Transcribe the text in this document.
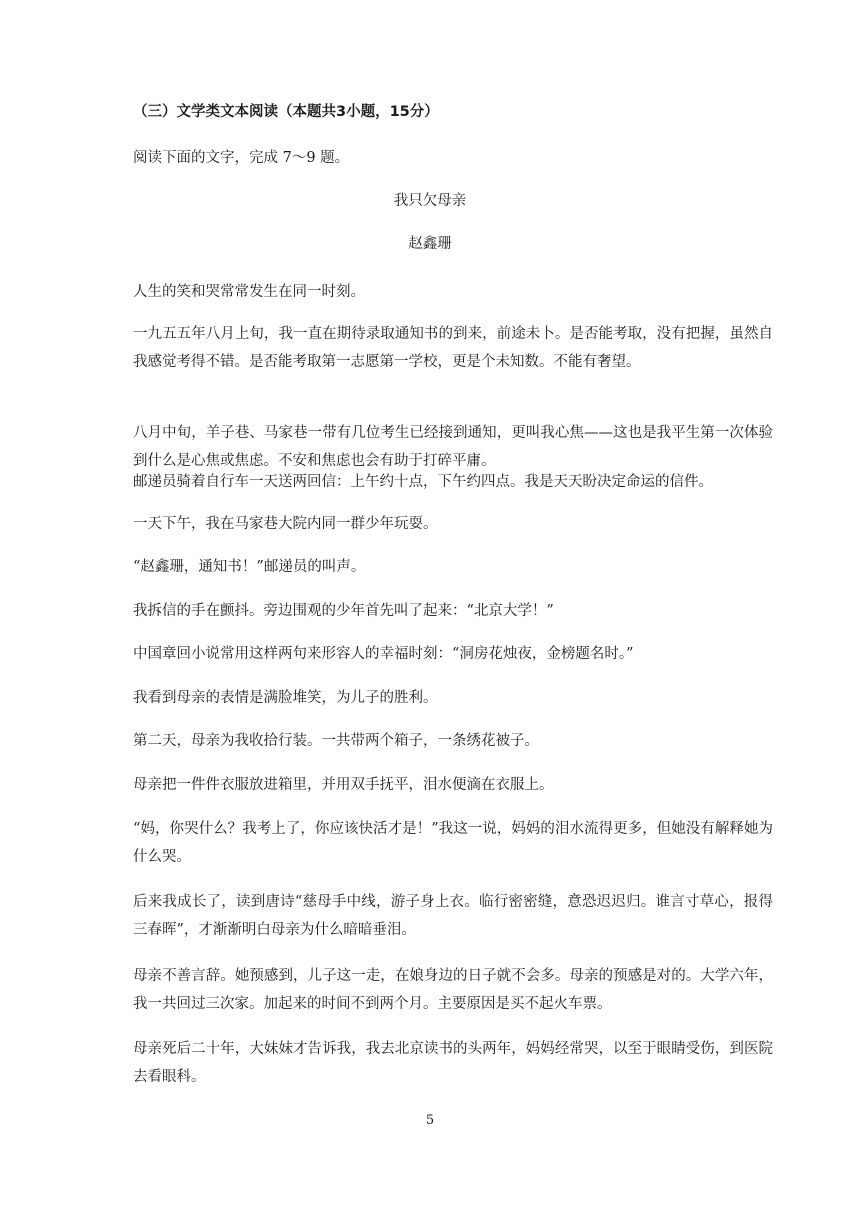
（三）文学类文本阅读（本题共3小题，15分）
阅读下面的文字，完成 7～9 题。
我只欠母亲
赵鑫珊
人生的笑和哭常常发生在同一时刻。
一九五五年八月上旬，我一直在期待录取通知书的到来，前途未卜。是否能考取，没有把握，虽然自我感觉考得不错。是否能考取第一志愿第一学校，更是个未知数。不能有奢望。
八月中旬，羊子巷、马家巷一带有几位考生已经接到通知，更叫我心焦——这也是我平生第一次体验到什么是心焦或焦虑。不安和焦虑也会有助于打碎平庸。
邮递员骑着自行车一天送两回信：上午约十点，下午约四点。我是天天盼决定命运的信件。
一天下午，我在马家巷大院内同一群少年玩耍。
“赵鑫珊，通知书！”邮递员的叫声。
我拆信的手在颤抖。旁边围观的少年首先叫了起来：“北京大学！”
中国章回小说常用这样两句来形容人的幸福时刻：“洞房花烛夜，金榜题名时。”
我看到母亲的表情是满脸堆笑，为儿子的胜利。
第二天，母亲为我收拾行装。一共带两个箱子，一条绣花被子。
母亲把一件件衣服放进箱里，并用双手抚平，泪水便滴在衣服上。
“妈，你哭什么？我考上了，你应该快活才是！”我这一说，妈妈的泪水流得更多，但她没有解释她为什么哭。
后来我成长了，读到唐诗“慈母手中线，游子身上衣。临行密密缝，意恐迟迟归。谁言寸草心，报得三春晖”，才渐渐明白母亲为什么暗暗垂泪。
母亲不善言辞。她预感到，儿子这一走，在娘身边的日子就不会多。母亲的预感是对的。大学六年，我一共回过三次家。加起来的时间不到两个月。主要原因是买不起火车票。
母亲死后二十年，大妹妹才告诉我，我去北京读书的头两年，妈妈经常哭，以至于眼睛受伤，到医院去看眼科。
5
